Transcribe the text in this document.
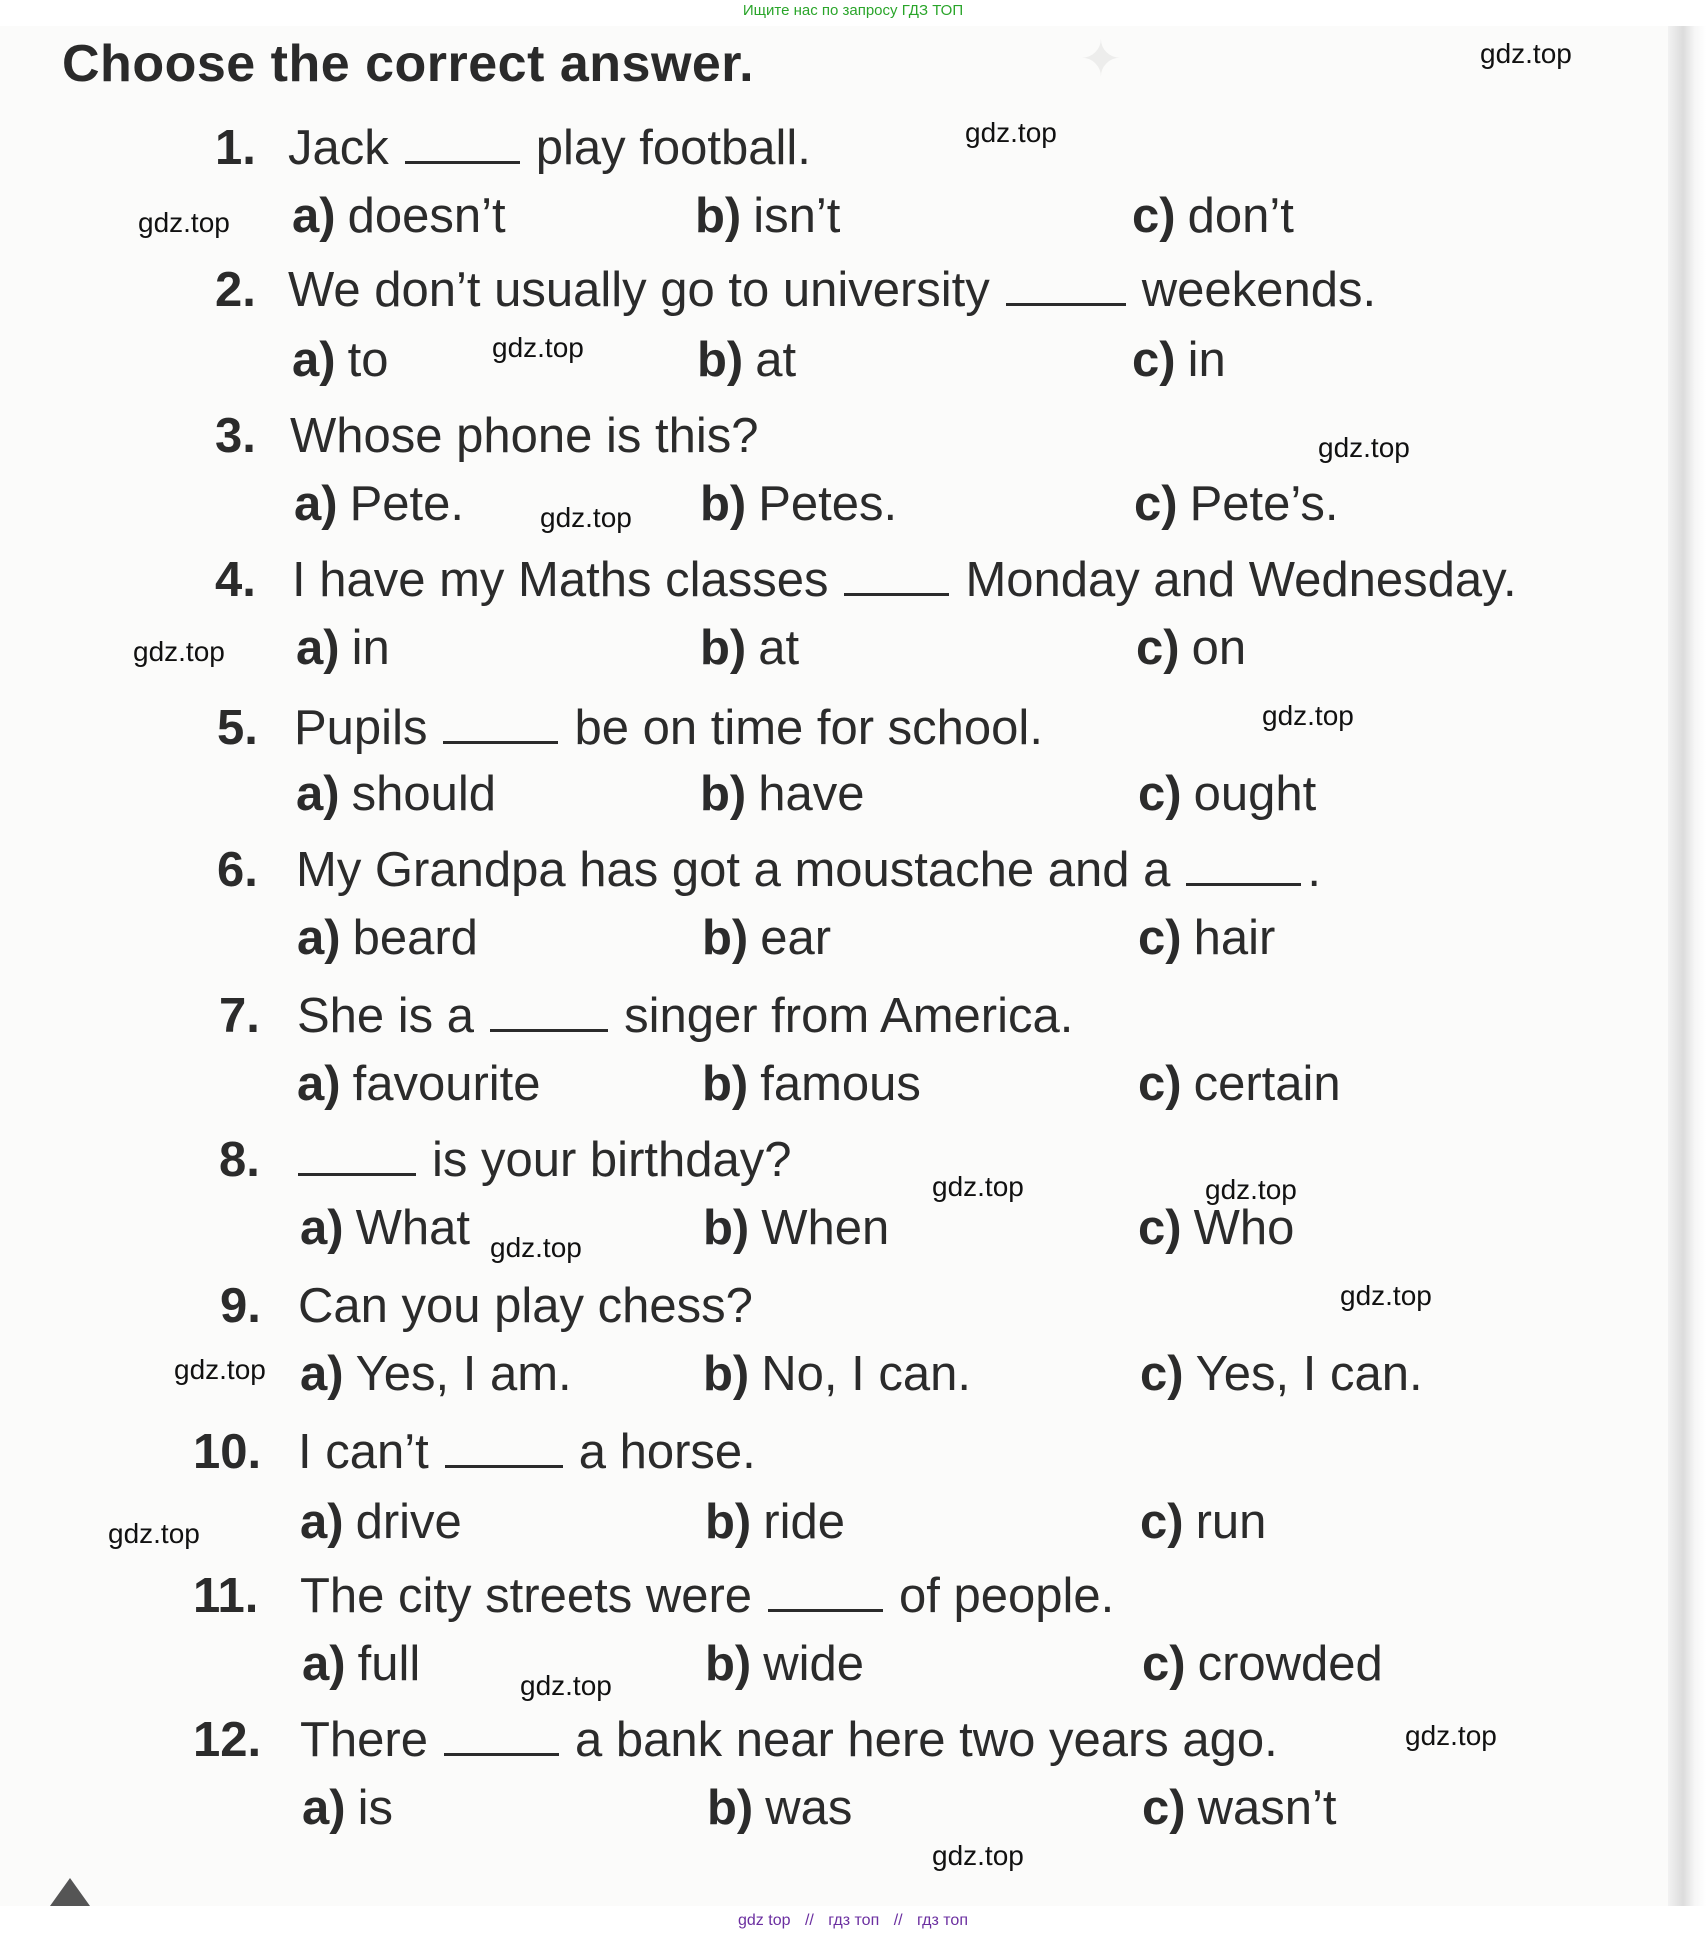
✦
Ищите нас по запросу ГДЗ ТОП
Choose the correct answer.
1. Jack	play football.
a) doesn’t	b) isn’t	c) don’t
2. We don’t usually go to university	weekends.
a) to	b) at	c) in
3. Whose phone is this?
a) Pete.	b) Petes.	c) Pete’s.
4. I have my Maths classes	Monday and Wednesday.
a) in	b) at	c) on
5. Pupils	be on time for school.
a) should	b) have	c) ought
6. My Grandpa has got a moustache and a	.
a) beard	b) ear	c) hair
7. She is a	singer from America.
a) favourite	b) famous	c) certain
8.	is your birthday?
a) What	b) When	c) Who
9. Can you play chess?
a) Yes, I am.	b) No, I can.	c) Yes, I can.
10. I can’t	a horse.
a) drive	b) ride	c) run
11. The city streets were	of people.
a) full	b) wide	c) crowded
12. There	a bank near here two years ago.
a) is	b) was	c) wasn’t
gdz.top
gdz.top
gdz.top
gdz.top
gdz.top
gdz.top
gdz.top
gdz.top
gdz.top
gdz.top
gdz.top
gdz.top
gdz.top
gdz.top
gdz.top
gdz.top
gdz.top
gdz top // гдз топ // гдз топ
